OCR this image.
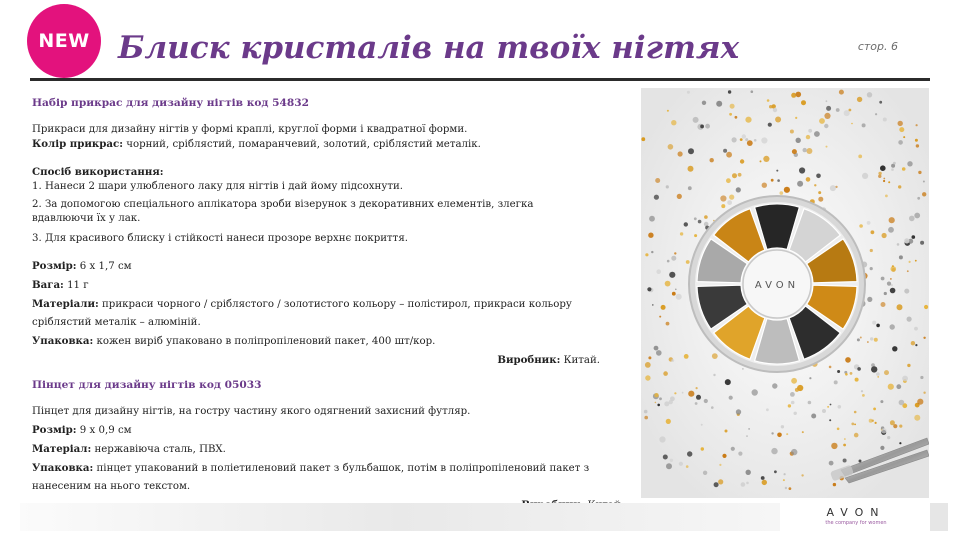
NEW Блиск кристалів на твоїх нігтях	стор. 6

Набір прикрас для дизайну нігтів код 54832

Прикраси для дизайну нігтів у формі краплі, круглої форми і квадратної форми.

Колір прикрас: чорний, сріблястий, помаранчевий, золотий, сріблястий металік.

Спосіб використання:

1. Нанеси 2 шари улюбленого лаку для нігтів і дай йому підсохнути.

2. За допомогою спеціального аплікатора зроби візерунок з декоративних елементів, злегка

вдавлюючи їх у лак.

3. Для красивого блиску і стійкості нанеси прозоре верхнє покриття.

Розмір: 6 х 1,7 см

Вага: 11 г

Матеріали: прикраси чорного / сріблястого / золотистого кольору – полістирол, прикраси кольору

сріблястий металік – алюміній.

Упаковка: кожен виріб упаковано в поліпропіленовий пакет, 400 шт/кор.

Виробник: Китай.

Пінцет для дизайну нігтів код 05033

Пінцет для дизайну нігтів, на гостру частину якого одягнений захисний футляр.

Розмір: 9 х 0,9 см

Матеріал: нержавіюча сталь, ПВХ.

Упаковка: пінцет упакований в поліетиленовий пакет з бульбашок, потім в поліпропіленовий пакет з

нанесеним на нього текстом.

AVON
AVON
the company for women
